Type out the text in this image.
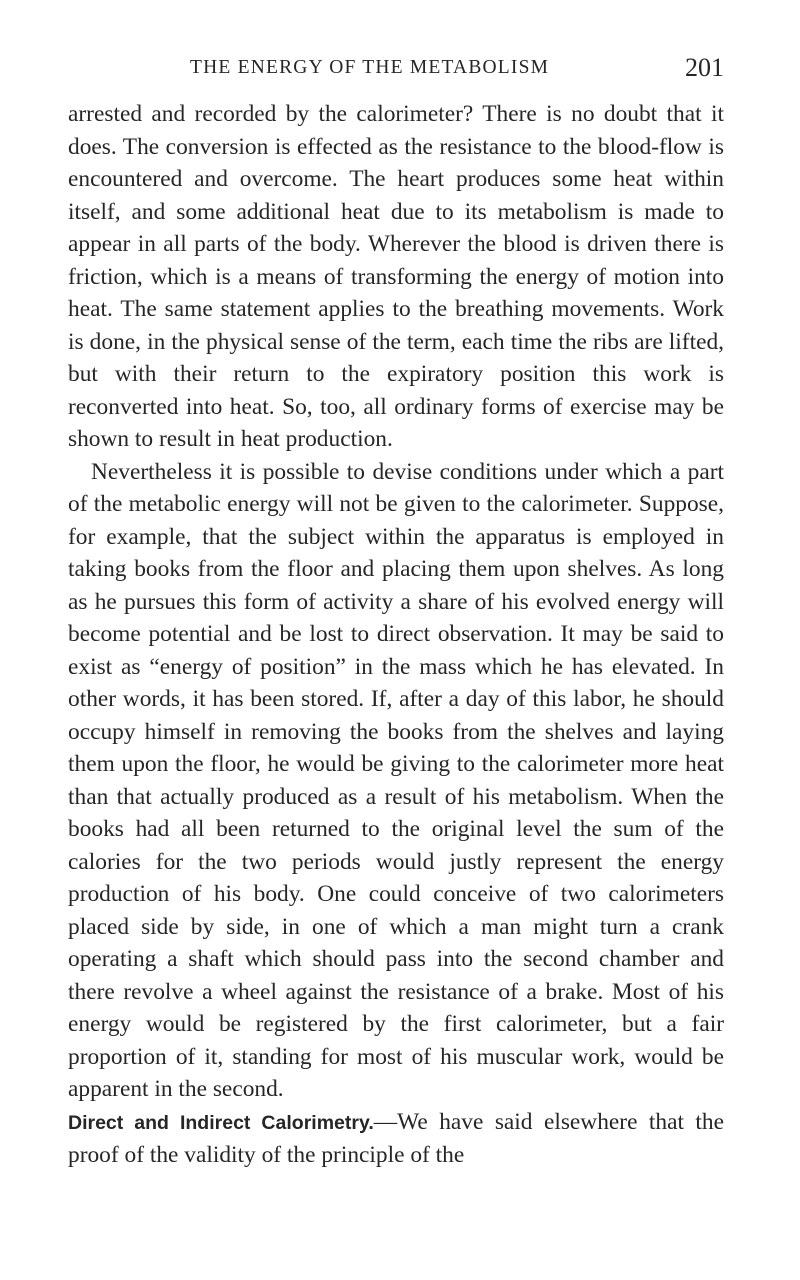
THE ENERGY OF THE METABOLISM	201

arrested and recorded by the calorimeter? There is no doubt that it does. The conversion is effected as the resistance to the blood-flow is encountered and overcome. The heart produces some heat within itself, and some additional heat due to its metabolism is made to appear in all parts of the body. Wherever the blood is driven there is friction, which is a means of transforming the energy of motion into heat. The same statement applies to the breathing movements. Work is done, in the physical sense of the term, each time the ribs are lifted, but with their return to the expiratory position this work is reconverted into heat. So, too, all ordinary forms of exercise may be shown to result in heat production.

Nevertheless it is possible to devise conditions under which a part of the metabolic energy will not be given to the calorimeter. Suppose, for example, that the subject within the apparatus is employed in taking books from the floor and placing them upon shelves. As long as he pursues this form of activity a share of his evolved energy will become potential and be lost to direct observation. It may be said to exist as “energy of position” in the mass which he has elevated. In other words, it has been stored. If, after a day of this labor, he should occupy himself in removing the books from the shelves and laying them upon the floor, he would be giving to the calorimeter more heat than that actually produced as a result of his metabolism. When the books had all been returned to the original level the sum of the calories for the two periods would justly represent the energy production of his body. One could conceive of two calorimeters placed side by side, in one of which a man might turn a crank operating a shaft which should pass into the second chamber and there revolve a wheel against the resistance of a brake. Most of his energy would be registered by the first calorimeter, but a fair proportion of it, standing for most of his muscular work, would be apparent in the second.

Direct and Indirect Calorimetry.—We have said elsewhere that the proof of the validity of the principle of the
